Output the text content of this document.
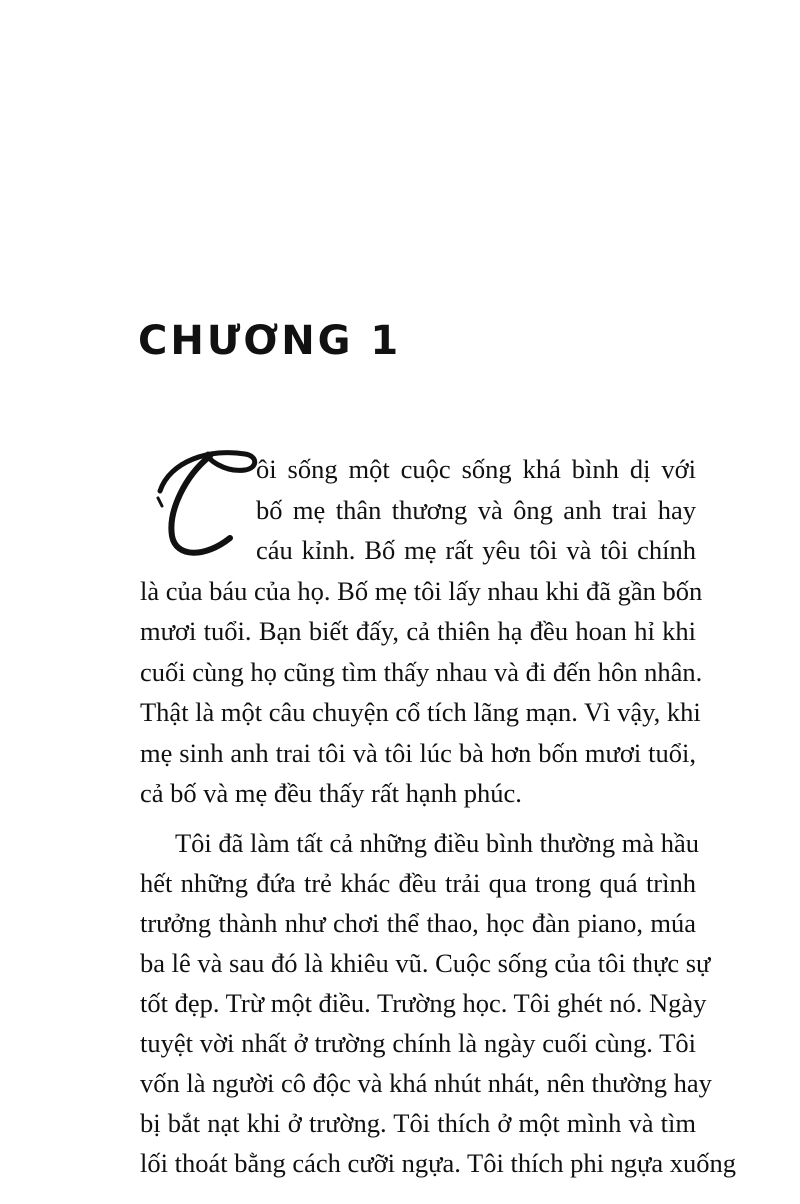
CHƯƠNG 1
ôi sống một cuộc sống khá bình dị với
bố mẹ thân thương và ông anh trai hay
cáu kỉnh. Bố mẹ rất yêu tôi và tôi chính
là của báu của họ. Bố mẹ tôi lấy nhau khi đã gần bốn
mươi tuổi. Bạn biết đấy, cả thiên hạ đều hoan hỉ khi
cuối cùng họ cũng tìm thấy nhau và đi đến hôn nhân.
Thật là một câu chuyện cổ tích lãng mạn. Vì vậy, khi
mẹ sinh anh trai tôi và tôi lúc bà hơn bốn mươi tuổi,
cả bố và mẹ đều thấy rất hạnh phúc.
Tôi đã làm tất cả những điều bình thường mà hầu
hết những đứa trẻ khác đều trải qua trong quá trình
trưởng thành như chơi thể thao, học đàn piano, múa
ba lê và sau đó là khiêu vũ. Cuộc sống của tôi thực sự
tốt đẹp. Trừ một điều. Trường học. Tôi ghét nó. Ngày
tuyệt vời nhất ở trường chính là ngày cuối cùng. Tôi
vốn là người cô độc và khá nhút nhát, nên thường hay
bị bắt nạt khi ở trường. Tôi thích ở một mình và tìm
lối thoát bằng cách cưỡi ngựa. Tôi thích phi ngựa xuống
